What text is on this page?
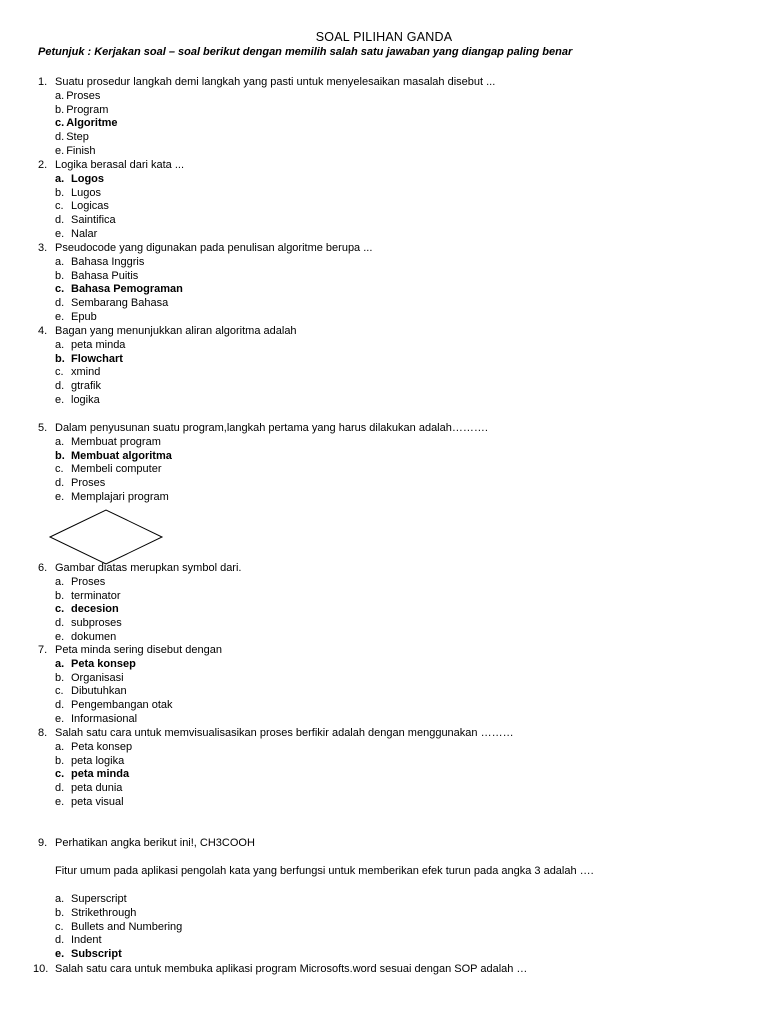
SOAL PILIHAN GANDA
Petunjuk : Kerjakan soal – soal berikut dengan memilih salah satu jawaban yang diangap paling benar
1. Suatu prosedur langkah demi langkah yang pasti untuk menyelesaikan masalah disebut ...
a.Proses
b.Program
c.Algoritme
d.Step
e.Finish
2. Logika berasal dari kata ...
a. Logos
b. Lugos
c. Logicas
d. Saintifica
e. Nalar
3. Pseudocode yang digunakan pada penulisan algoritme berupa ...
a. Bahasa Inggris
b. Bahasa Puitis
c. Bahasa Pemograman
d. Sembarang Bahasa
e. Epub
4. Bagan yang menunjukkan aliran algoritma adalah
a. peta minda
b. Flowchart
c. xmind
d. gtrafik
e. logika
5. Dalam penyusunan suatu program,langkah pertama yang harus dilakukan adalah……….
a. Membuat program
b. Membuat algoritma
c. Membeli computer
d. Proses
e. Memplajari program
6. Gambar diatas merupkan symbol dari.
a. Proses
b. terminator
c. decesion
d. subproses
e. dokumen
7. Peta minda sering disebut dengan
a. Peta konsep
b. Organisasi
c. Dibutuhkan
d. Pengembangan otak
e. Informasional
8. Salah satu cara untuk memvisualisasikan proses berfikir adalah dengan menggunakan ………
a. Peta konsep
b. peta logika
c. peta minda
d. peta dunia
e. peta visual
9. Perhatikan angka berikut ini!, CH3COOH
Fitur umum pada aplikasi pengolah kata yang berfungsi untuk memberikan efek turun pada angka 3 adalah ….
a. Superscript
b. Strikethrough
c. Bullets and Numbering
d. Indent
e. Subscript
10. Salah satu cara untuk membuka aplikasi program Microsofts.word sesuai dengan SOP adalah …
